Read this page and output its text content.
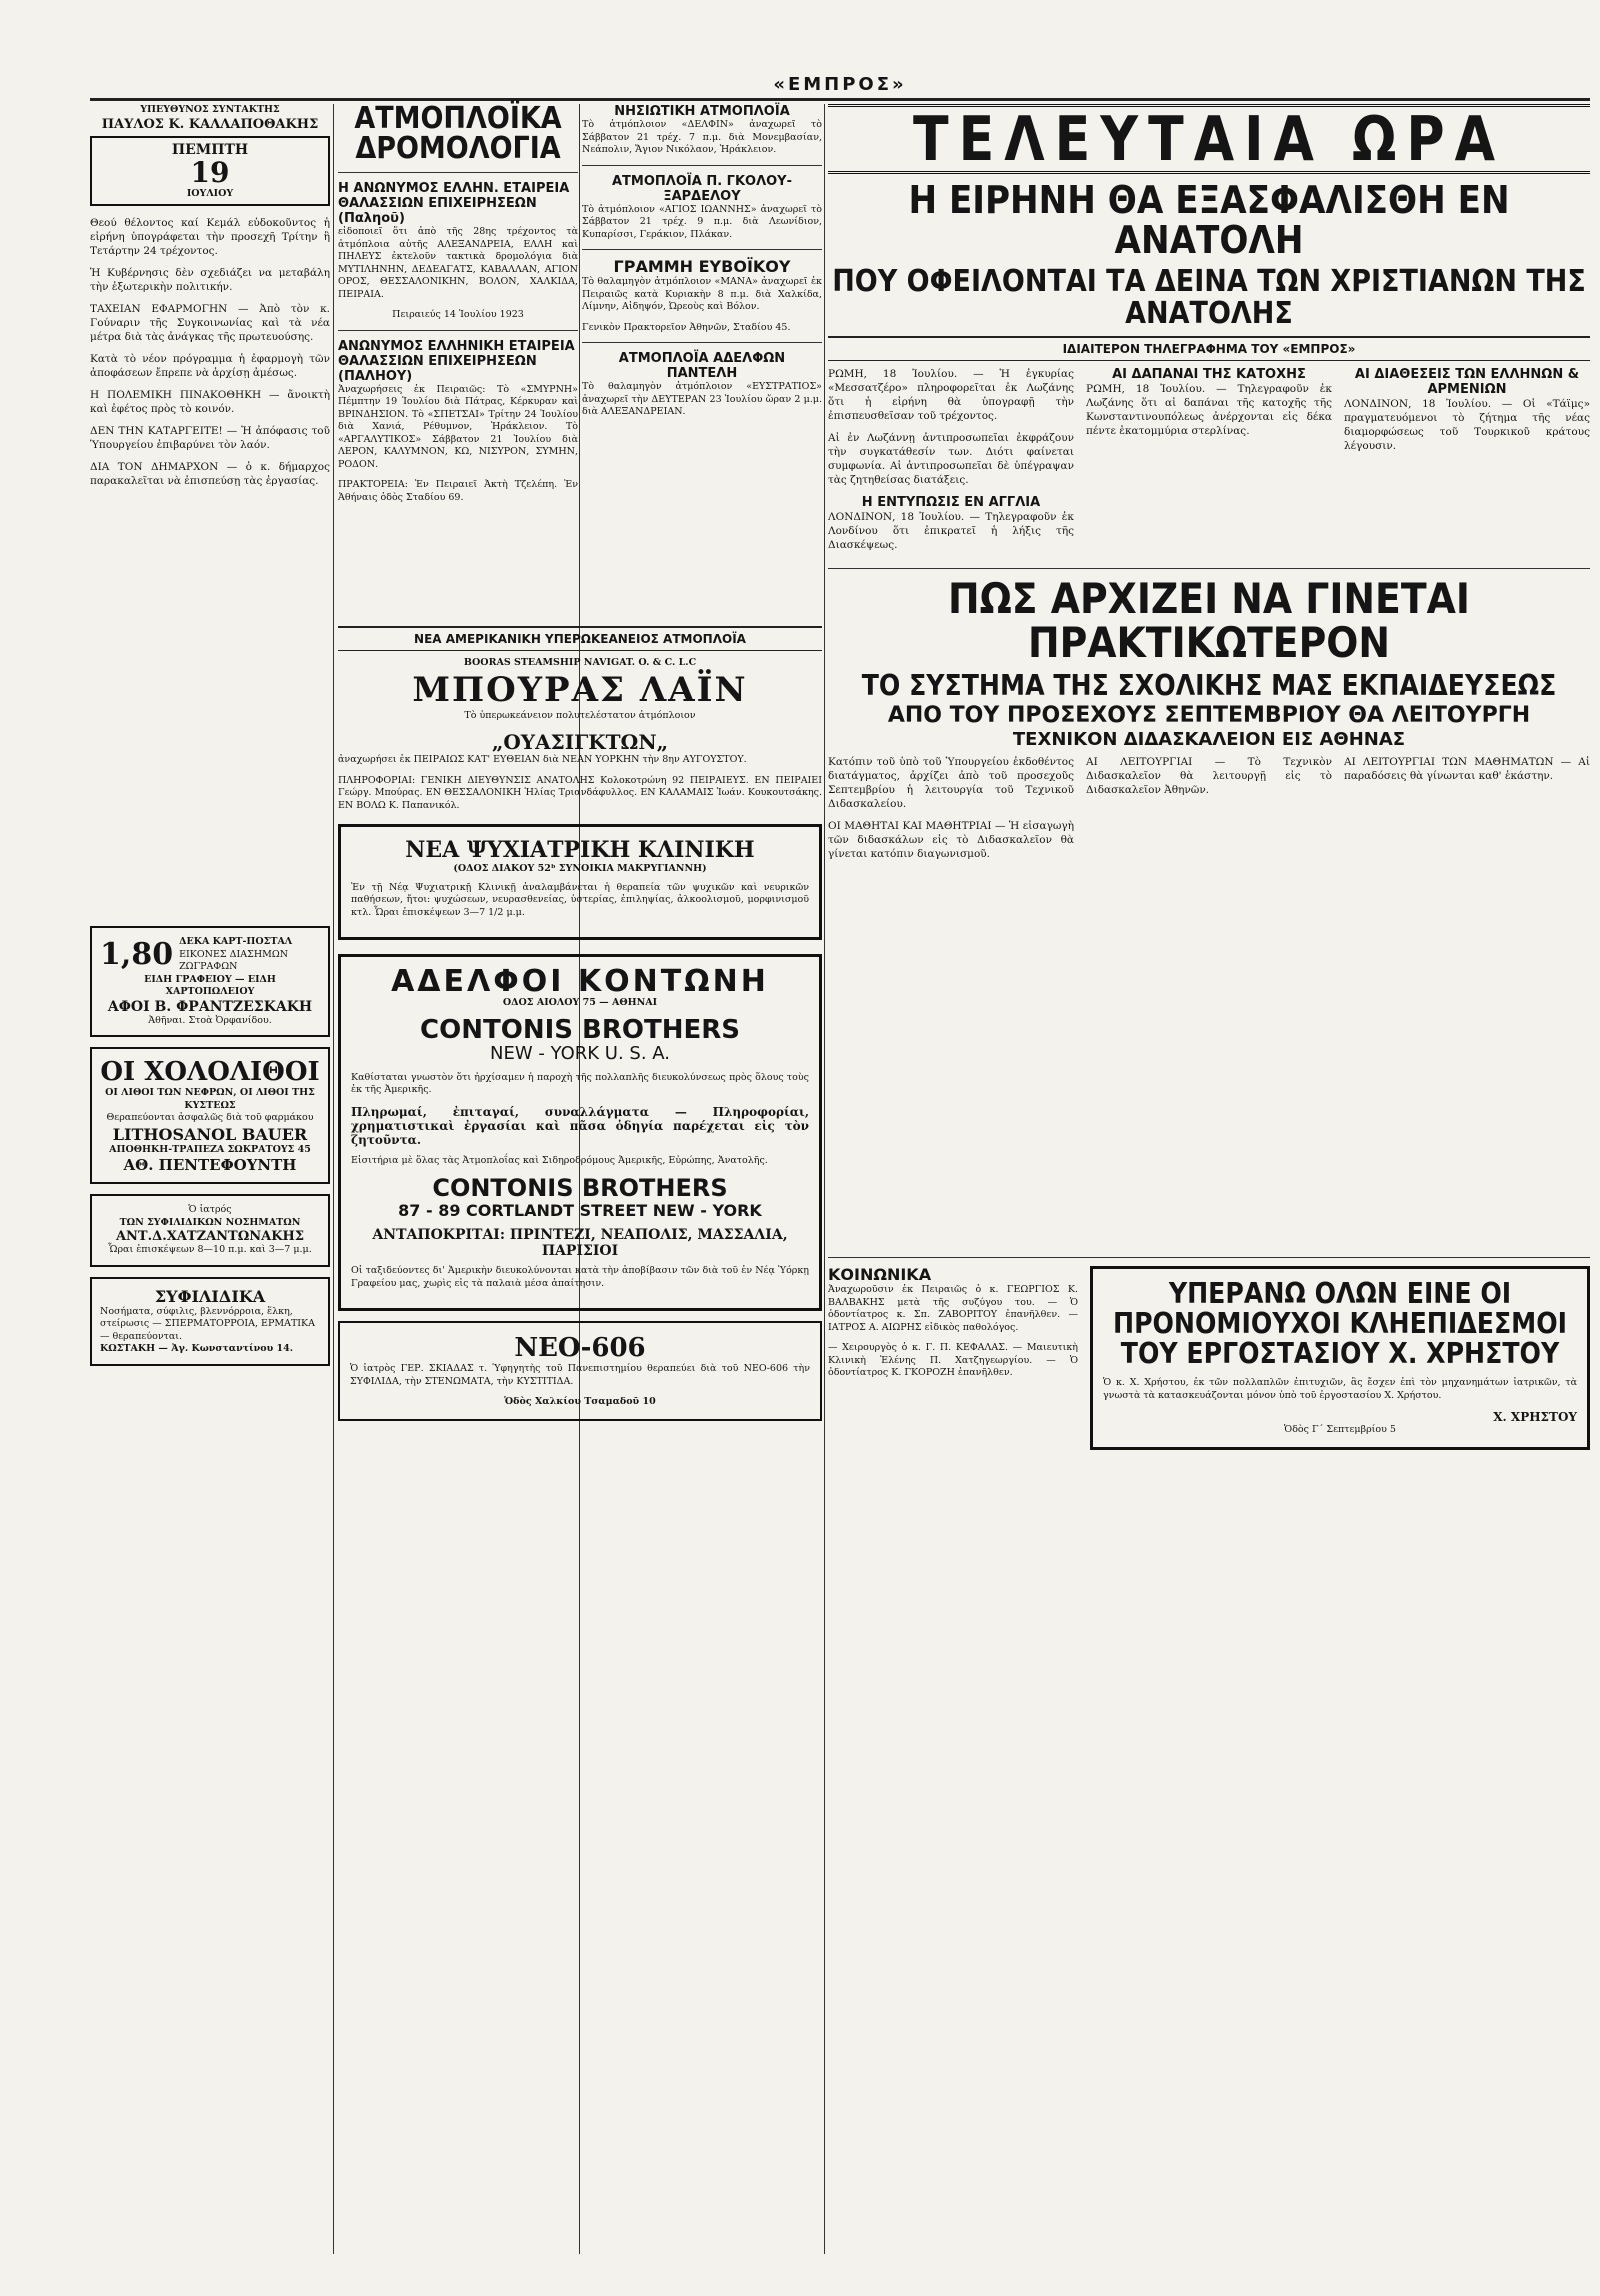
«ΕΜΠΡΟΣ»
ΥΠΕΥΘΥΝΟΣ ΣΥΝΤΑΚΤΗΣ
ΠΑΥΛΟΣ Κ. ΚΑΛΛΑΠΟΘΑΚΗΣ
ΠΕΜΠΤΗ
19
ΙΟΥΛΙΟΥ

Θεού θέλοντος καί Κεμάλ εὐδοκοῦντος ἡ εἰρήνη ὑπογράφεται τὴν προσεχῆ Τρίτην ἢ Τετάρτην 24 τρέχοντος.

Ἡ Κυβέρνησις δὲν σχεδιάζει να μεταβάλη τὴν ἐξωτερικὴν πολιτικήν.

ΤΑΧΕΙΑΝ ΕΦΑΡΜΟΓΗΝ — Ἀπὸ τὸν κ. Γούναριν τῆς Συγκοινωνίας καὶ τὰ νέα μέτρα διὰ τὰς ἀνάγκας τῆς πρωτευούσης.

Κατὰ τὸ νέον πρόγραμμα ἡ ἐφαρμογὴ τῶν ἀποφάσεων ἔπρεπε νὰ ἀρχίσῃ ἀμέσως.

Η ΠΟΛΕΜΙΚΗ ΠΙΝΑΚΟΘΗΚΗ — ἄνοικτὴ καὶ ἐφέτος πρὸς τὸ κοινόν.

ΔΕΝ ΤΗΝ ΚΑΤΑΡΓΕΙΤΕ! — Ἡ ἀπόφασις τοῦ Ὑπουργείου ἐπιβαρύνει τὸν λαόν.

ΔΙΑ ΤΟΝ ΔΗΜΑΡΧΟΝ — ὁ κ. δήμαρχος παρακαλεῖται νὰ ἐπισπεύσῃ τὰς ἐργασίας.

1,80 ΔΕΚΑ ΚΑΡΤ-ΠΟΣΤΑΛ
ΕΙΚΟΝΕΣ ΔΙΑΣΗΜΩΝ ΖΩΓΡΑΦΩΝ
ΕΙΔΗ ΓΡΑΦΕΙΟΥ — ΕΙΔΗ ΧΑΡΤΟΠΩΛΕΙΟΥ
ΑΦΟΙ Β. ΦΡΑΝΤΖΕΣΚΑΚΗ
Ἀθῆναι. Στοὰ Ὀρφανίδου.
ΟΙ ΧΟΛΟΛΙΘΟΙ
ΟΙ ΛΙΘΟΙ ΤΩΝ ΝΕΦΡΩΝ, ΟΙ ΛΙΘΟΙ ΤΗΣ ΚΥΣΤΕΩΣ
Θεραπεύονται ἀσφαλῶς διὰ τοῦ φαρμάκου
LITHOSANOL BAUER
ΑΠΟΘΗΚΗ-ΤΡΑΠΕΖΑ ΣΩΚΡΑΤΟΥΣ 45
ΑΘ. ΠΕΝΤΕΦΟΥΝΤΗ
Ὁ ἰατρός
ΤΩΝ ΣΥΦΙΛΙΔΙΚΩΝ ΝΟΣΗΜΑΤΩΝ
ΑΝΤ.Δ.ΧΑΤΖΑΝΤΩΝΑΚΗΣ
Ὧραι ἐπισκέψεων 8—10 π.μ. καὶ 3—7 μ.μ.
ΣΥΦΙΛΙΔΙΚΑ
Νοσήματα, σύφιλις, βλεννόρροια, ἕλκη, στείρωσις — ΣΠΕΡΜΑΤΟΡΡΟΙΑ, ΕΡΜΑΤΙΚΑ — θεραπεύονται.
ΚΩΣΤΑΚΗ — Ἀγ. Κωνσταντίνου 14.
ΑΤΜΟΠΛΟΪΚΑ ΔΡΟΜΟΛΟΓΙΑ
Η ΑΝΩΝΥΜΟΣ ΕΛΛΗΝ. ΕΤΑΙΡΕΙΑ ΘΑΛΑΣΣΙΩΝ ΕΠΙΧΕΙΡΗΣΕΩΝ (Παληοῦ)

εἰδοποιεῖ ὅτι ἀπὸ τῆς 28ης τρέχοντος τὰ ἀτμόπλοια αὐτῆς ΑΛΕΞΑΝΔΡΕΙΑ, ΕΛΛΗ καὶ ΠΗΛΕΥΣ ἐκτελοῦν τακτικὰ δρομολόγια διὰ ΜΥΤΙΛΗΝΗΝ, ΔΕΔΕΑΓΑΤΣ, ΚΑΒΑΛΛΑΝ, ΑΓΙΟΝ ΟΡΟΣ, ΘΕΣΣΑΛΟΝΙΚΗΝ, ΒΟΛΟΝ, ΧΑΛΚΙΔΑ, ΠΕΙΡΑΙΑ.

Πειραιεύς 14 Ἰουλίου 1923

ΑΝΩΝΥΜΟΣ ΕΛΛΗΝΙΚΗ ΕΤΑΙΡΕΙΑ ΘΑΛΑΣΣΙΩΝ ΕΠΙΧΕΙΡΗΣΕΩΝ (ΠΑΛΗΟΥ)

Ἀναχωρήσεις ἐκ Πειραιῶς: Τὸ «ΣΜΥΡΝΗ» Πέμπτην 19 Ἰουλίου διὰ Πάτρας, Κέρκυραν καὶ ΒΡΙΝΔΗΣΙΟΝ. Τὸ «ΣΠΕΤΣΑΙ» Τρίτην 24 Ἰουλίου διὰ Χανιά, Ρέθυμνον, Ἡράκλειον. Τὸ «ΑΡΓΑΛΥΤΙΚΟΣ» Σάββατον 21 Ἰουλίου διὰ ΛΕΡΟΝ, ΚΑΛΥΜΝΟΝ, ΚΩ, ΝΙΣΥΡΟΝ, ΣΥΜΗΝ, ΡΟΔΟΝ.

ΠΡΑΚΤΟΡΕΙΑ: Ἐν Πειραιεῖ Ἀκτὴ Τζελέπη. Ἐν Ἀθήναις ὁδὸς Σταδίου 69.

ΝΗΣΙΩΤΙΚΗ ΑΤΜΟΠΛΟΪΑ

Τὸ ἀτμόπλοιον «ΔΕΛΦΙΝ» ἀναχωρεῖ τὸ Σάββατον 21 τρέχ. 7 π.μ. διὰ Μονεμβασίαν, Νεάπολιν, Ἄγιον Νικόλαον, Ἡράκλειον.

ΑΤΜΟΠΛΟΪΑ Π. ΓΚΟΛΟΥ-ΞΑΡΔΕΛΟΥ

Τὸ ἀτμόπλοιον «ΑΓΙΟΣ ΙΩΑΝΝΗΣ» ἀναχωρεῖ τὸ Σάββατον 21 τρέχ. 9 π.μ. διὰ Λεωνίδιον, Κυπαρίσσι, Γεράκιον, Πλάκαν.

ΓΡΑΜΜΗ ΕΥΒΟΪΚΟΥ

Τὸ θαλαμηγὸν ἀτμόπλοιον «ΜΑΝΑ» ἀναχωρεῖ ἐκ Πειραιῶς κατὰ Κυριακὴν 8 π.μ. διὰ Χαλκίδα, Λίμνην, Αἰδηψόν, Ὠρεοὺς καὶ Βόλον.

Γενικὸν Πρακτορεῖον Ἀθηνῶν, Σταδίου 45.

ΑΤΜΟΠΛΟΪΑ ΑΔΕΛΦΩΝ ΠΑΝΤΕΛΗ

Τὸ θαλαμηγὸν ἀτμόπλοιον «ΕΥΣΤΡΑΤΙΟΣ» ἀναχωρεῖ τὴν ΔΕΥΤΕΡΑΝ 23 Ἰουλίου ὥραν 2 μ.μ. διὰ ΑΛΕΞΑΝΔΡΕΙΑΝ.

ΝΕΑ ΑΜΕΡΙΚΑΝΙΚΗ ΥΠΕΡΩΚΕΑΝΕΙΟΣ ΑΤΜΟΠΛΟΪΑ
BOORAS STEAMSHIP NAVIGAT. O. & C. L.C
ΜΠΟΥΡΑΣ ΛΑΪΝ

Τὸ ὑπερωκεάνειον πολυτελέστατον ἀτμόπλοιον

„ΟΥΑΣΙΓΚΤΩΝ„

ἀναχωρήσει ἐκ ΠΕΙΡΑΙΩΣ ΚΑΤ' ΕΥΘΕΙΑΝ διὰ ΝΕΑΝ ΥΟΡΚΗΝ τὴν 8ην ΑΥΓΟΥΣΤΟΥ.

ΠΛΗΡΟΦΟΡΙΑΙ: ΓΕΝΙΚΗ ΔΙΕΥΘΥΝΣΙΣ ΑΝΑΤΟΛΗΣ Κολοκοτρώνη 92 ΠΕΙΡΑΙΕΥΣ. ΕΝ ΠΕΙΡΑΙΕΙ Γεώργ. Μπούρας. ΕΝ ΘΕΣΣΑΛΟΝΙΚΗ Ἡλίας Τριανδάφυλλος. ΕΝ ΚΑΛΑΜΑΙΣ Ἰωάν. Κουκουτσάκης. ΕΝ ΒΟΛΩ Κ. Παπανικόλ.

ΝΕΑ ΨΥΧΙΑΤΡΙΚΗ ΚΛΙΝΙΚΗ
(ΟΔΟΣ ΔΙΑΚΟΥ 52ᵇ ΣΥΝΟΙΚΙΑ ΜΑΚΡΥΓΙΑΝΝΗ)

Ἐν τῇ Νέᾳ Ψυχιατρικῇ Κλινικῇ ἀναλαμβάνεται ἡ θεραπεία τῶν ψυχικῶν καὶ νευρικῶν παθήσεων, ἤτοι: ψυχώσεων, νευρασθενείας, ὑστερίας, ἐπιληψίας, ἀλκοολισμοῦ, μορφινισμοῦ κτλ. Ὧραι ἐπισκέψεων 3—7 1/2 μ.μ.

ΑΔΕΛΦΟΙ ΚΟΝΤΩΝΗ
ΟΔΟΣ ΑΙΟΛΟΥ 75 — ΑΘΗΝΑΙ
CONTONIS BROTHERS
NEW - YORK U. S. A.

Καθίσταται γνωστὸν ὅτι ἠρχίσαμεν ἡ παροχὴ τῆς πολλαπλῆς διευκολύνσεως πρὸς ὅλους τοὺς ἐκ τῆς Ἀμερικῆς.

Πληρωμαί, ἐπιταγαί, συναλλάγματα — Πληροφορίαι, χρηματιστικαὶ ἐργασίαι καὶ πᾶσα ὁδηγία παρέχεται εἰς τὸν ζητοῦντα.

Εἰσιτήρια μὲ ὅλας τὰς Ἀτμοπλοΐας καὶ Σιδηροδρόμους Ἀμερικῆς, Εὐρώπης, Ἀνατολῆς.

CONTONIS BROTHERS
87 - 89 CORTLANDT STREET NEW - YORK
ΑΝΤΑΠΟΚΡΙΤΑΙ: ΠΡΙΝΤΕΖΙ, ΝΕΑΠΟΛΙΣ, ΜΑΣΣΑΛΙΑ, ΠΑΡΙΣΙΟΙ

Οἱ ταξιδεύοντες δι' Ἀμερικὴν διευκολύνονται κατὰ τὴν ἀποβίβασιν τῶν διὰ τοῦ ἐν Νέᾳ Ὑόρκῃ Γραφείου μας, χωρὶς εἰς τὰ παλαιὰ μέσα ἀπαίτησιν.

ΝΕΟ-606

Ὁ ἰατρὸς ΓΕΡ. ΣΚΙΑΔΑΣ τ. Ὑφηγητὴς τοῦ Πανεπιστημίου θεραπεύει διὰ τοῦ ΝΕΟ-606 τὴν ΣΥΦΙΛΙΔΑ, τὴν ΣΤΕΝΩΜΑΤΑ, τὴν ΚΥΣΤΙΤΙΔΑ.

Ὁδὸς Χαλκίου Τσαμαδοῦ 10
ΤΕΛΕΥΤΑΙΑ ΩΡΑ
Η ΕΙΡΗΝΗ ΘΑ ΕΞΑΣΦΑΛΙΣΘΗ ΕΝ ΑΝΑΤΟΛΗ
ΠΟΥ ΟΦΕΙΛΟΝΤΑΙ ΤΑ ΔΕΙΝΑ ΤΩΝ ΧΡΙΣΤΙΑΝΩΝ ΤΗΣ ΑΝΑΤΟΛΗΣ
ΙΔΙΑΙΤΕΡΟΝ ΤΗΛΕΓΡΑΦΗΜΑ ΤΟΥ «ΕΜΠΡΟΣ»

ΡΩΜΗ, 18 Ἰουλίου. — Ἡ ἐγκυρίας «Μεσσατζέρο» πληροφορεῖται ἐκ Λωζάνης ὅτι ἡ εἰρήνη θὰ ὑπογραφῇ τὴν ἐπισπευσθεῖσαν τοῦ τρέχοντος.

Αἱ ἐν Λωζάννῃ ἀντιπροσωπεῖαι ἐκφράζουν τὴν συγκατάθεσίν των. Διότι φαίνεται συμφωνία. Αἱ ἀντιπροσωπεῖαι δὲ ὑπέγραψαν τὰς ζητηθείσας διατάξεις.

Η ΕΝΤΥΠΩΣΙΣ ΕΝ ΑΓΓΛΙΑ

ΛΟΝΔΙΝΟΝ, 18 Ἰουλίου. — Τηλεγραφοῦν ἐκ Λονδίνου ὅτι ἐπικρατεῖ ἡ λήξις τῆς Διασκέψεως.

ΑΙ ΔΑΠΑΝΑΙ ΤΗΣ ΚΑΤΟΧΗΣ

ΡΩΜΗ, 18 Ἰουλίου. — Τηλεγραφοῦν ἐκ Λωζάνης ὅτι αἱ δαπάναι τῆς κατοχῆς τῆς Κωνσταντινουπόλεως ἀνέρχονται εἰς δέκα πέντε ἑκατομμύρια στερλίνας.

ΑΙ ΔΙΑΘΕΣΕΙΣ ΤΩΝ ΕΛΛΗΝΩΝ & ΑΡΜΕΝΙΩΝ

ΛΟΝΔΙΝΟΝ, 18 Ἰουλίου. — Οἱ «Τάϊμς» πραγματευόμενοι τὸ ζήτημα τῆς νέας διαμορφώσεως τοῦ Τουρκικοῦ κράτους λέγουσιν.

ΠΩΣ ΑΡΧΙΖΕΙ ΝΑ ΓΙΝΕΤΑΙ ΠΡΑΚΤΙΚΩΤΕΡΟΝ
ΤΟ ΣΥΣΤΗΜΑ ΤΗΣ ΣΧΟΛΙΚΗΣ ΜΑΣ ΕΚΠΑΙΔΕΥΣΕΩΣ
ΑΠΟ ΤΟΥ ΠΡΟΣΕΧΟΥΣ ΣΕΠΤΕΜΒΡΙΟΥ ΘΑ ΛΕΙΤΟΥΡΓΗ
ΤΕΧΝΙΚΟΝ ΔΙΔΑΣΚΑΛΕΙΟΝ ΕΙΣ ΑΘΗΝΑΣ

Κατόπιν τοῦ ὑπὸ τοῦ Ὑπουργείου ἐκδοθέντος διατάγματος, ἀρχίζει ἀπὸ τοῦ προσεχοῦς Σεπτεμβρίου ἡ λειτουργία τοῦ Τεχνικοῦ Διδασκαλείου.

ΟΙ ΜΑΘΗΤΑΙ ΚΑΙ ΜΑΘΗΤΡΙΑΙ — Ἡ εἰσαγωγὴ τῶν διδασκάλων εἰς τὸ Διδασκαλεῖον θὰ γίνεται κατόπιν διαγωνισμοῦ.

ΑΙ ΛΕΙΤΟΥΡΓΙΑΙ — Τὸ Τεχνικὸν Διδασκαλεῖον θὰ λειτουργῇ εἰς τὸ Διδασκαλεῖον Ἀθηνῶν.

ΑΙ ΛΕΙΤΟΥΡΓΙΑΙ ΤΩΝ ΜΑΘΗΜΑΤΩΝ — Αἱ παραδόσεις θὰ γίνωνται καθ' ἑκάστην.

ΚΟΙΝΩΝΙΚΑ

Ἀναχωροῦσιν ἐκ Πειραιῶς ὁ κ. ΓΕΩΡΓΙΟΣ Κ. ΒΑΛΒΑΚΗΣ μετὰ τῆς συζύγου του. — Ὁ ὀδοντίατρος κ. Σπ. ΖΑΒΟΡΙΤΟΥ ἐπανῆλθεν. — ΙΑΤΡΟΣ Α. ΑΙΩΡΗΣ εἰδικὸς παθολόγος.

— Χειρουργὸς ὁ κ. Γ. Π. ΚΕΦΑΛΑΣ. — Μαιευτικὴ Κλινικὴ Ἐλένης Π. Χατζηγεωργίου. — Ὁ ὀδοντίατρος Κ. ΓΚΟΡΟΖΗ ἐπανῆλθεν.

ΥΠΕΡΑΝΩ ΟΛΩΝ ΕΙΝΕ ΟΙ
ΠΡΟΝΟΜΙΟΥΧΟΙ ΚΛΗΕΠΙΔΕΣΜΟΙ
ΤΟΥ ΕΡΓΟΣΤΑΣΙΟΥ Χ. ΧΡΗΣΤΟΥ

Ὁ κ. Χ. Χρήστου, ἐκ τῶν πολλαπλῶν ἐπιτυχιῶν, ἃς ἔσχεν ἐπὶ τὸν μηχανημάτων ἰατρικῶν, τὰ γνωστὰ τὰ κατασκευάζονται μόνον ὑπὸ τοῦ ἐργοστασίου Χ. Χρήστου.

Χ. ΧΡΗΣΤΟΥ
Ὁδὸς Γ΄ Σεπτεμβρίου 5
